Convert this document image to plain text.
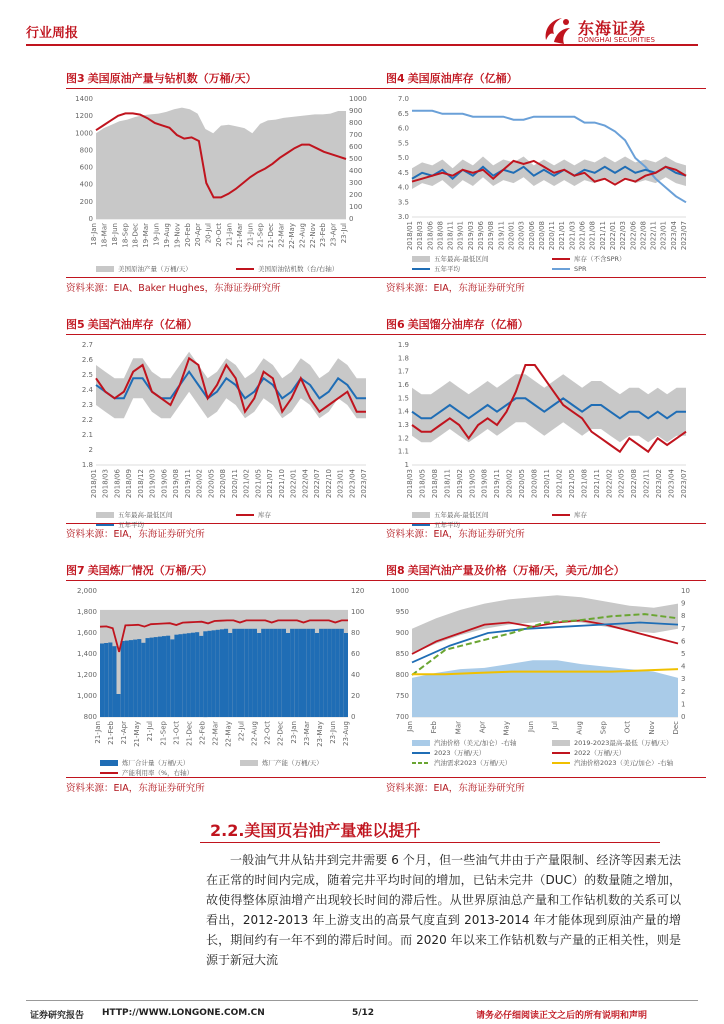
行业周报	东海证券
DONGHAI SECURITIES
图3 美国原油产量与钻机数（万桶/天）
0
200
400
600
800
1000
1200
1400
0
100
200
300
400
500
600
700
800
900
1000
18-Jan 18-Mar 18-Jun 18-Sep 18-Dec 19-Mar 19-Jun 19-Aug 19-Nov 20-Feb 20-Apr 20-Jul 20-Oct 21-Jan 21-Mar 21-Jun 21-Sep 21-Dec 22-Mar 22-May 22-Aug 22-Nov 23-Feb 23-Apr 23-Jul
美国原油产量（万桶/天）	美国原油钻机数（台/右轴）
资料来源：EIA、Baker Hughes，东海证券研究所
图4 美国原油库存（亿桶）
3.0
3.5
4.0
4.5
5.0
5.5
6.0
6.5
7.0
2018/01 2018/03 2018/06 2018/08 2018/11 2019/01 2019/03 2019/06 2019/08 2019/11 2020/01 2020/03 2020/06 2020/08 2020/11 2021/01 2021/03 2021/06 2021/08 2021/11 2022/01 2022/03 2022/06 2022/08 2022/11 2023/01 2023/04 2023/07
五年最高-最低区间	库存（不含SPR）
五年平均	SPR
资料来源：EIA，东海证券研究所
图5 美国汽油库存（亿桶）
1.8
2
2.1
2.2
2.3
2.4
2.5
2.6
2.7
2018/01 2018/03 2018/06 2018/09 2018/12 2019/03 2019/06 2019/08 2019/11 2020/02 2020/05 2020/08 2020/11 2021/02 2021/05 2021/07 2021/10 2022/01 2022/04 2022/07 2022/10 2023/01 2023/04 2023/07
五年最高-最低区间	库存
五年平均
资料来源：EIA，东海证券研究所
图6 美国馏分油库存（亿桶）
1
1.1
1.2
1.3
1.4
1.5
1.6
1.7
1.8
1.9
2018/03 2018/05 2018/08 2018/11 2019/02 2019/05 2019/08 2019/11 2020/02 2020/05 2020/08 2020/11 2021/02 2021/05 2021/08 2021/11 2022/02 2022/05 2022/08 2022/11 2023/02 2023/04 2023/07
五年最高-最低区间	库存
五年平均
资料来源：EIA，东海证券研究所
图7 美国炼厂情况（万桶/天）
800
1,000
1,200
1,400
1,600
1,800
2,000
0
20
40
60
80
100
120
21-Jan 21-Feb 21-Apr 21-May 21-Jul 21-Sep 21-Oct 21-Dec 22-Feb 22-Mar 22-May 22-Jul 22-Aug 22-Oct 22-Dec 23-Jan 23-Mar 23-May 23-Jun 23-Aug
炼厂合计量（万桶/天）	炼厂产能（万桶/天）
产能利用率（%，右轴）
资料来源：EIA，东海证券研究所
图8 美国汽油产量及价格（万桶/天，美元/加仑）
700
750
800
850
900
950
1000
0
1
2
3
4
5
6
7
8
9
10
Jan Feb Mar Apr May Jun Jul Aug Sep Oct Nov Dec
汽油价格（美元/加仑）-右轴	2019-2023最高-最低（万桶/天）
2023（万桶/天）	2022（万桶/天）
汽油需求2023（万桶/天）	汽油价格2023（美元/加仑）-右轴
资料来源：EIA，东海证券研究所
2.2.美国页岩油产量难以提升

一般油气井从钻井到完井需要 6 个月，但一些油气井由于产量限制、经济等因素无法在正常的时间内完成，随着完井平均时间的增加，已钻未完井（DUC）的数量随之增加，故使得整体原油增产出现较长时间的滞后性。从世界原油总产量和工作钻机数的关系可以看出，2012-2013 年上游支出的高景气度直到 2013-2014 年才能体现到原油产量的增长，期间约有一年不到的滞后时间。而 2020 年以来工作钻机数与产量的正相关性，则是源于新冠大流

证券研究报告 HTTP://WWW.LONGONE.COM.CN	5/12	请务必仔细阅读正文之后的所有说明和声明
